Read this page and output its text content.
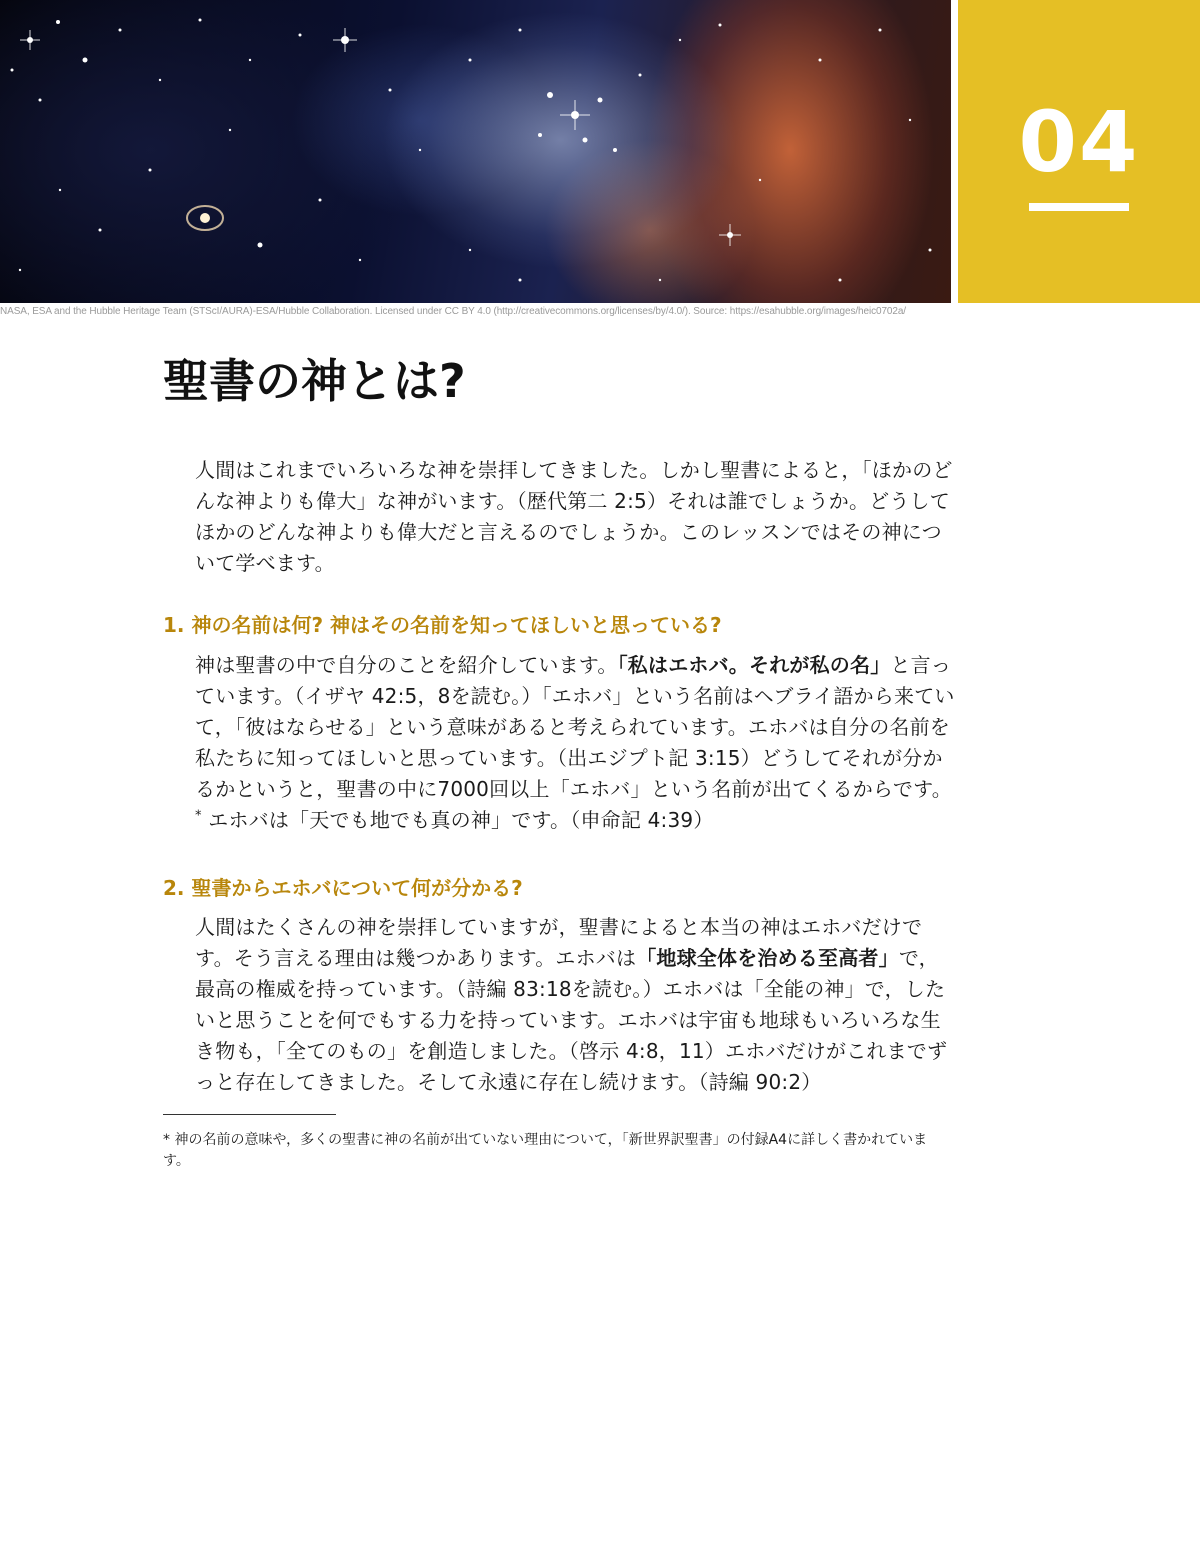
04
NASA, ESA and the Hubble Heritage Team (STScI/AURA)-ESA/Hubble Collaboration. Licensed under CC BY 4.0 (http://creativecommons.org/licenses/by/4.0/). Source: https://esahubble.org/images/heic0702a/
聖書の神とは?

人間はこれまでいろいろな神を崇拝してきました。しかし聖書によると，「ほかのどんな神よりも偉大」な神がいます。（歴代第二 2:5）それは誰でしょうか。どうしてほかのどんな神よりも偉大だと言えるのでしょうか。このレッスンではその神について学べます。

1. 神の名前は何? 神はその名前を知ってほしいと思っている?

神は聖書の中で自分のことを紹介しています。「私はエホバ。それが私の名」と言っています。（イザヤ 42:5，8を読む。）「エホバ」という名前はヘブライ語から来ていて，「彼はならせる」という意味があると考えられています。エホバは自分の名前を私たちに知ってほしいと思っています。（出エジプト記 3:15）どうしてそれが分かるかというと，聖書の中に7000回以上「エホバ」という名前が出てくるからです。* エホバは「天でも地でも真の神」です。（申命記 4:39）

2. 聖書からエホバについて何が分かる?

人間はたくさんの神を崇拝していますが，聖書によると本当の神はエホバだけです。そう言える理由は幾つかあります。エホバは「地球全体を治める至高者」で，最高の権威を持っています。（詩編 83:18を読む。）エホバは「全能の神」で，したいと思うことを何でもする力を持っています。エホバは宇宙も地球もいろいろな生き物も，「全てのもの」を創造しました。（啓示 4:8，11）エホバだけがこれまでずっと存在してきました。そして永遠に存在し続けます。（詩編 90:2）

* 神の名前の意味や，多くの聖書に神の名前が出ていない理由について，「新世界訳聖書」の付録A4に詳しく書かれています。
